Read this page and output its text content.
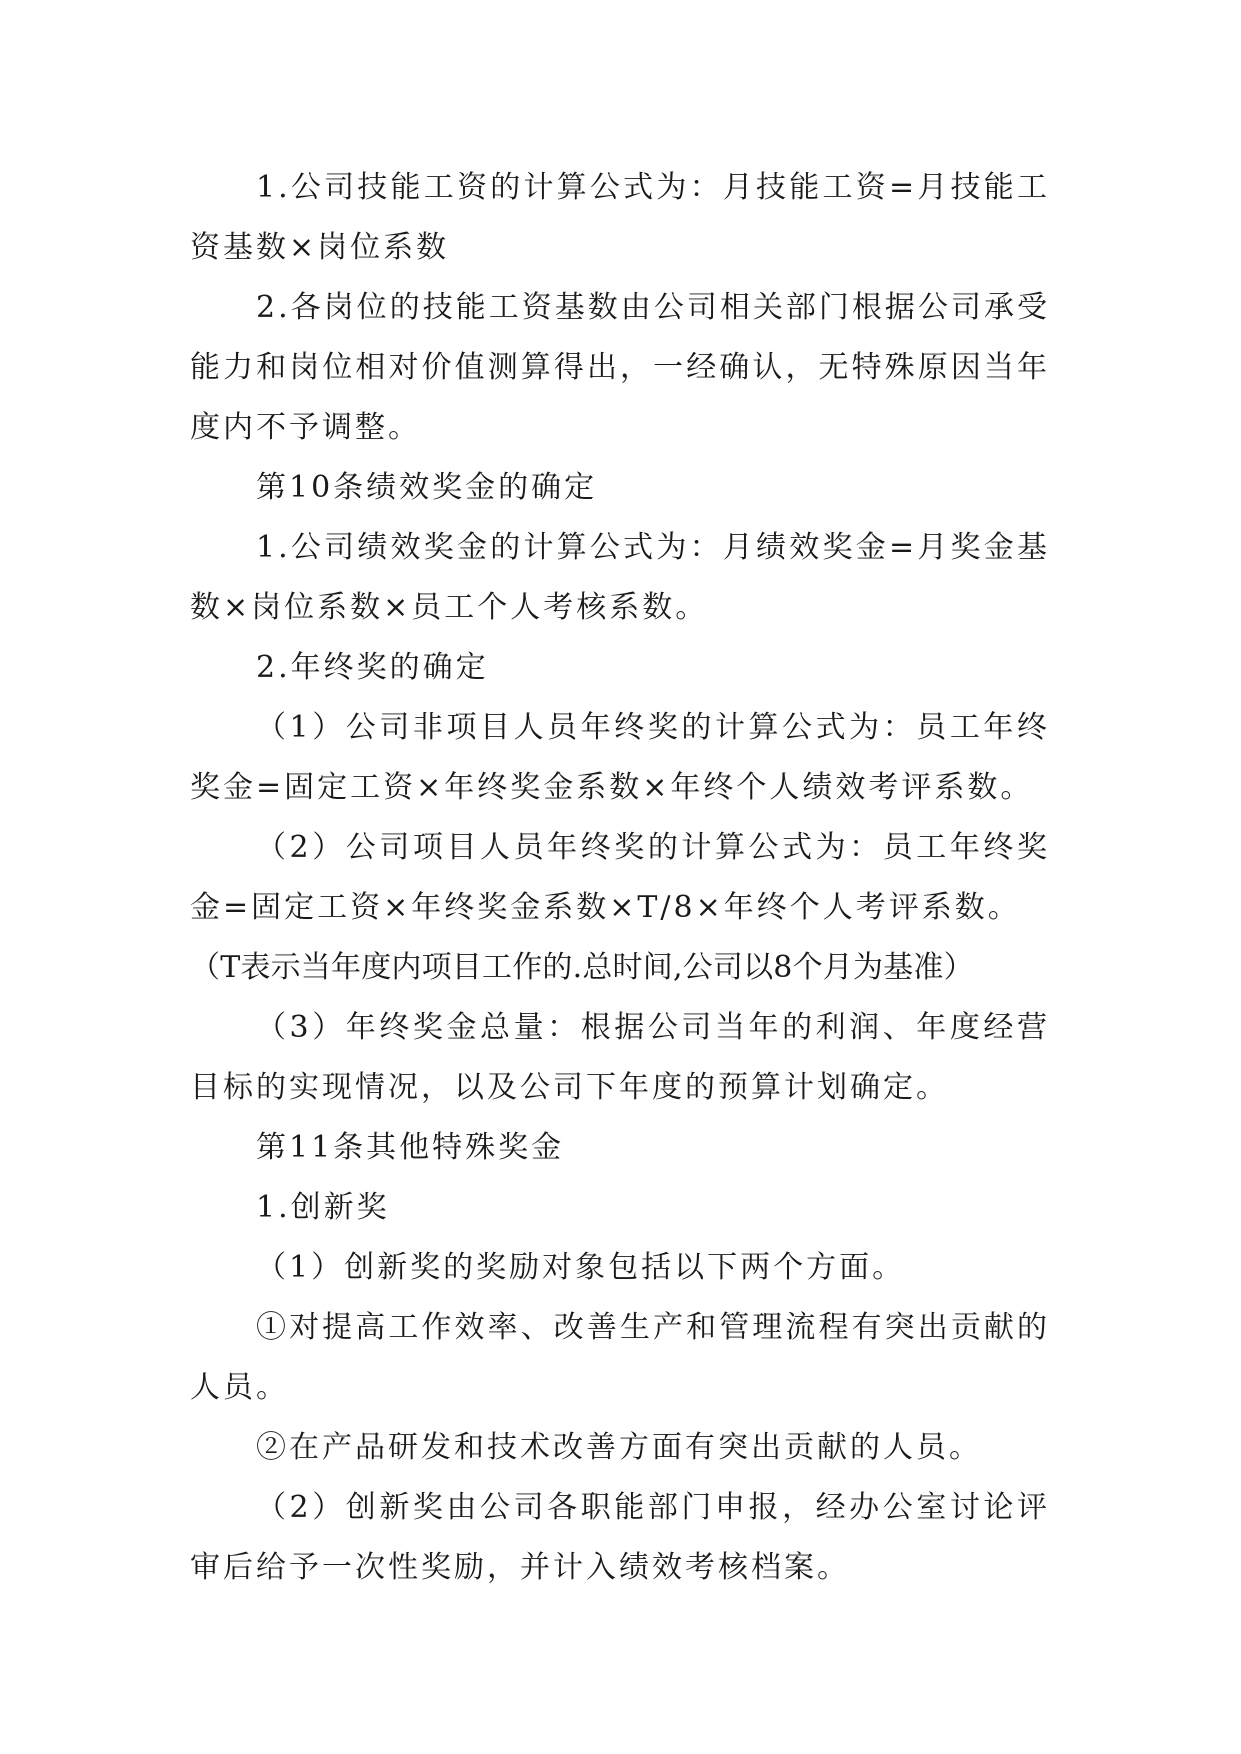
1.公司技能工资的计算公式为：月技能工资=月技能工资基数×岗位系数

2.各岗位的技能工资基数由公司相关部门根据公司承受能力和岗位相对价值测算得出，一经确认，无特殊原因当年度内不予调整。

第10条绩效奖金的确定

1.公司绩效奖金的计算公式为：月绩效奖金=月奖金基数×岗位系数×员工个人考核系数。

2.年终奖的确定

（1）公司非项目人员年终奖的计算公式为：员工年终奖金=固定工资×年终奖金系数×年终个人绩效考评系数。

（2）公司项目人员年终奖的计算公式为：员工年终奖金=固定工资×年终奖金系数×T/8×年终个人考评系数。

（T表示当年度内项目工作的.总时间,公司以8个月为基准）

（3）年终奖金总量：根据公司当年的利润、年度经营目标的实现情况，以及公司下年度的预算计划确定。

第11条其他特殊奖金

1.创新奖

（1）创新奖的奖励对象包括以下两个方面。

①对提高工作效率、改善生产和管理流程有突出贡献的人员。

②在产品研发和技术改善方面有突出贡献的人员。

（2）创新奖由公司各职能部门申报，经办公室讨论评审后给予一次性奖励，并计入绩效考核档案。
